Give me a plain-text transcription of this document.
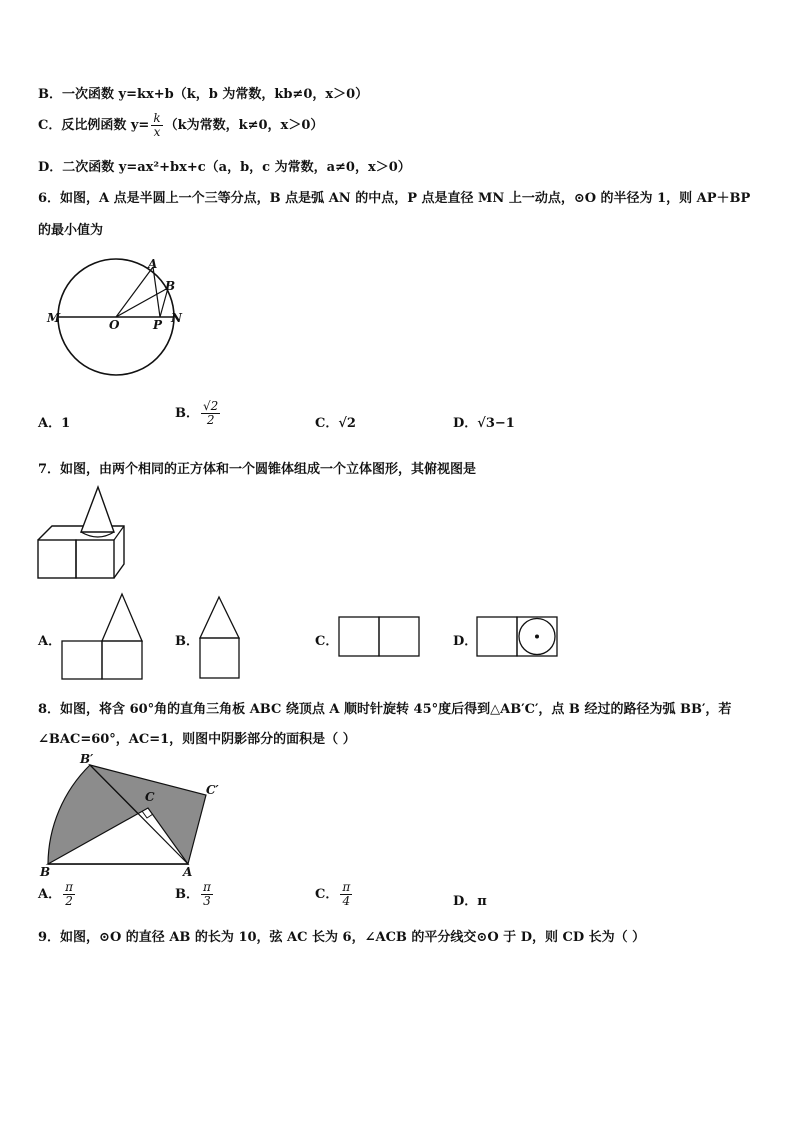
B．一次函数 y=kx+b（k，b 为常数，kb≠0，x＞0）
C．反比例函数 $y= \frac{k}{x} (k$为常数，k≠0，x＞0）
D．二次函数 y=ax²+bx+c（a，b，c 为常数，a≠0，x＞0）
6．如图，A 点是半圆上一个三等分点，B 点是弧 AN 的中点，P 点是直径 MN 上一动点，⊙O 的半径为 1，则 AP＋BP
的最小值为
A
B
M	O	P N
A．1
B． $\frac{√2}{2}$	C．√2	D．√3−1
7．如图，由两个相同的正方体和一个圆锥体组成一个立体图形，其俯视图是
A．	B．	C．	D．
8．如图，将含 60°角的直角三角板 ABC 绕顶点 A 顺时针旋转 45°度后得到△AB′C′，点 B 经过的路径为弧 BB′，若
∠BAC=60°，AC=1，则图中阴影部分的面积是（ ）
B′
C′
C
B	A
A． $\frac{\pi}{2}$	B． $\frac{\pi}{3}$	C． $\frac{\pi}{4}$	D．π
9．如图，⊙O 的直径 AB 的长为 10，弦 AC 长为 6，∠ACB 的平分线交⊙O 于 D，则 CD 长为（ ）
